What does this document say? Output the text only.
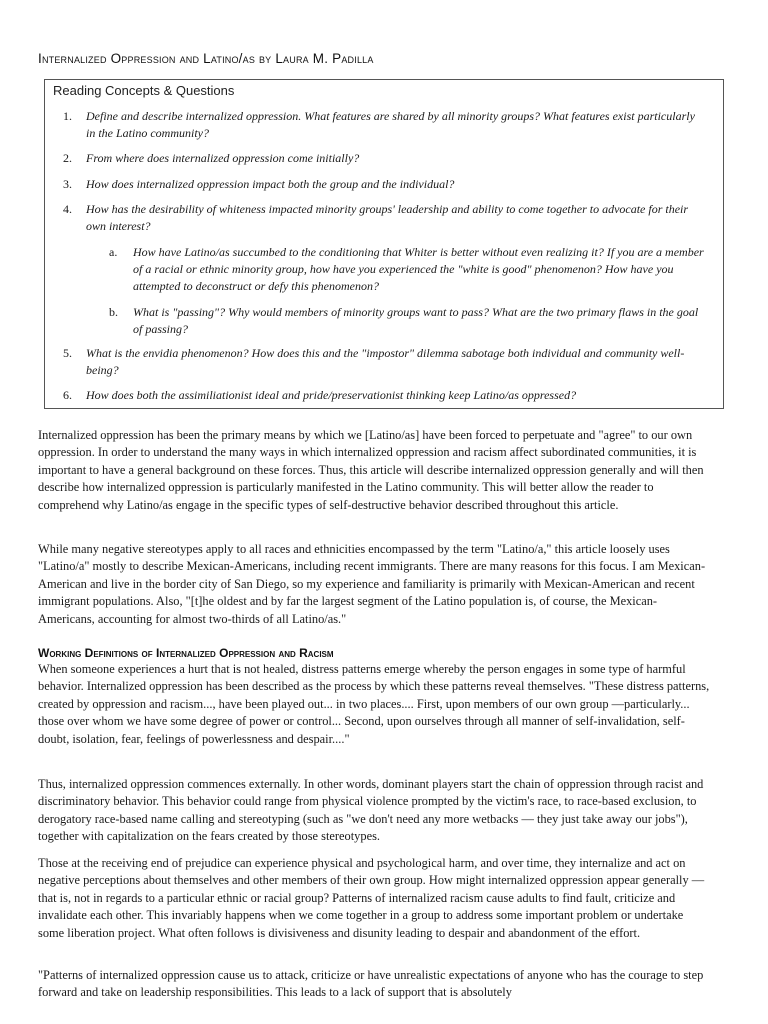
Internalized Oppression and Latino/as by Laura M. Padilla
Reading Concepts & Questions
1.	Define and describe internalized oppression. What features are shared by all minority groups? What features exist particularly in the Latino community?
2.	From where does internalized oppression come initially?
3.	How does internalized oppression impact both the group and the individual?
4.	How has the desirability of whiteness impacted minority groups' leadership and ability to come together to advocate for their own interest?
a.	How have Latino/as succumbed to the conditioning that Whiter is better without even realizing it? If you are a member of a racial or ethnic minority group, how have you experienced the "white is good" phenomenon? How have you attempted to deconstruct or defy this phenomenon?
b.	What is "passing"? Why would members of minority groups want to pass? What are the two primary flaws in the goal of passing?
5.	What is the envidia phenomenon? How does this and the "impostor" dilemma sabotage both individual and community well-being?
6.	How does both the assimiliationist ideal and pride/preservationist thinking keep Latino/as oppressed?

Internalized oppression has been the primary means by which we [Latino/as] have been forced to perpetuate and "agree" to our own oppression. In order to understand the many ways in which internalized oppression and racism affect subordinated communities, it is important to have a general background on these forces. Thus, this article will describe internalized oppression generally and will then describe how internalized oppression is particularly manifested in the Latino community. This will better allow the reader to comprehend why Latino/as engage in the specific types of self-destructive behavior described throughout this article.

While many negative stereotypes apply to all races and ethnicities encompassed by the term "Latino/a," this article loosely uses "Latino/a" mostly to describe Mexican-Americans, including recent immigrants. There are many reasons for this focus. I am Mexican-American and live in the border city of San Diego, so my experience and familiarity is primarily with Mexican-American and recent immigrant populations. Also, "[t]he oldest and by far the largest segment of the Latino population is, of course, the Mexican-Americans, accounting for almost two-thirds of all Latino/as."

Working Definitions of Internalized Oppression and Racism

When someone experiences a hurt that is not healed, distress patterns emerge whereby the person engages in some type of harmful behavior. Internalized oppression has been described as the process by which these patterns reveal themselves. "These distress patterns, created by oppression and racism..., have been played out... in two places.... First, upon members of our own group —particularly... those over whom we have some degree of power or control... Second, upon ourselves through all manner of self-invalidation, self-doubt, isolation, fear, feelings of powerlessness and despair...."

Thus, internalized oppression commences externally. In other words, dominant players start the chain of oppression through racist and discriminatory behavior. This behavior could range from physical violence prompted by the victim's race, to race-based exclusion, to derogatory race-based name calling and stereotyping (such as "we don't need any more wetbacks — they just take away our jobs"), together with capitalization on the fears created by those stereotypes.

Those at the receiving end of prejudice can experience physical and psychological harm, and over time, they internalize and act on negative perceptions about themselves and other members of their own group. How might internalized oppression appear generally — that is, not in regards to a particular ethnic or racial group? Patterns of internalized racism cause adults to find fault, criticize and invalidate each other. This invariably happens when we come together in a group to address some important problem or undertake some liberation project. What often follows is divisiveness and disunity leading to despair and abandonment of the effort.

"Patterns of internalized oppression cause us to attack, criticize or have unrealistic expectations of anyone who has the courage to step forward and take on leadership responsibilities. This leads to a lack of support that is absolutely
